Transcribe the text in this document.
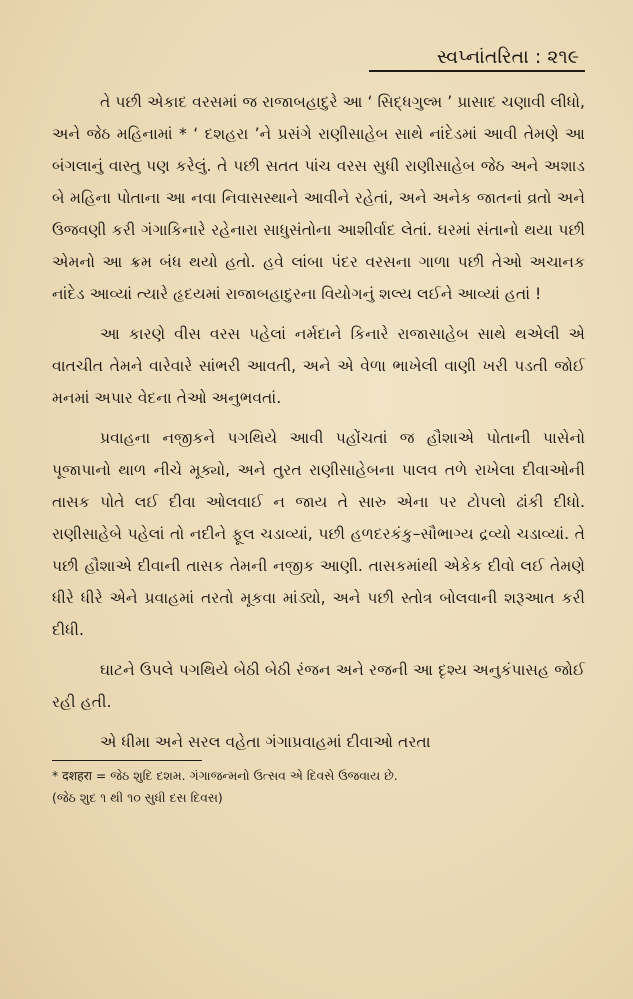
સ્વપ્નાંતરિતા : ૨૧૯

તે પછી એકાદ વરસમાં જ રાજાબહાદુરે આ ‘ સિદ્ધગુલ્મ ’ પ્રાસાદ ચણાવી લીધો, અને જેઠ મહિનામાં * ‘ દશહરા ’ને પ્રસંગે રાણીસાહેબ સાથે નાંદેડમાં આવી તેમણે આ બંગલાનું વાસ્તુ પણ કરેલું. તે પછી સતત પાંચ વરસ સુધી રાણીસાહેબ જેઠ અને અશાડ બે મહિના પોતાના આ નવા નિવાસસ્થાને આવીને રહેતાં, અને અનેક જાતનાં વ્રતો અને ઉજવણી કરી ગંગાકિનારે રહેનારા સાધુસંતોના આશીર્વાદ લેતાં. ઘરમાં સંતાનો થયા પછી એમનો આ ક્રમ બંધ થયો હતો. હવે લાંબા પંદર વરસના ગાળા પછી તેઓ અચાનક નાંદેડ આવ્યાં ત્યારે હૃદયમાં રાજાબહાદુરના વિયોગનું શલ્ય લઈને આવ્યાં હતાં !

આ કારણે વીસ વરસ પહેલાં નર્મદાને કિનારે રાજાસાહેબ સાથે થએલી એ વાતચીત તેમને વારેવારે સાંભરી આવતી, અને એ વેળા ભાખેલી વાણી ખરી પડતી જોઈ મનમાં અપાર વેદના તેઓ અનુભવતાં.

પ્રવાહના નજીકને પગથિયે આવી પહોંચતાં જ હૌશાએ પોતાની પાસેનો પૂજાપાનો થાળ નીચે મૂક્યો, અને તુરત રાણીસાહેબના પાલવ તળે રાખેલા દીવાઓની તાસક પોતે લઈ દીવા ઓલવાઈ ન જાય તે સારુ એના પર ટોપલો ઢાંકી દીધો. રાણીસાહેબે પહેલાં તો નદીને ફૂલ ચડાવ્યાં, પછી હળદરકંકુ–સૌભાગ્ય દ્રવ્યો ચડાવ્યાં. તે પછી હૌશાએ દીવાની તાસક તેમની નજીક આણી. તાસકમાંથી એકેક દીવો લઈ તેમણે ધીરે ધીરે એને પ્રવાહમાં તરતો મૂકવા માંડ્યો, અને પછી સ્તોત્ર બોલવાની શરૂઆત કરી દીધી.

ઘાટને ઉપલે પગથિયે બેઠી બેઠી રંજન અને રજની આ દૃશ્ય અનુકંપાસહ જોઈ રહી હતી.

એ ધીમા અને સરલ વહેતા ગંગાપ્રવાહમાં દીવાઓ તરતા

* दशहरा = જેઠ શુદિ દશમ. ગંગાજન્મનો ઉત્સવ એ દિવસે ઉજવાય છે.

(જેઠ શુદ ૧ થી ૧૦ સુધી દસ દિવસ)
